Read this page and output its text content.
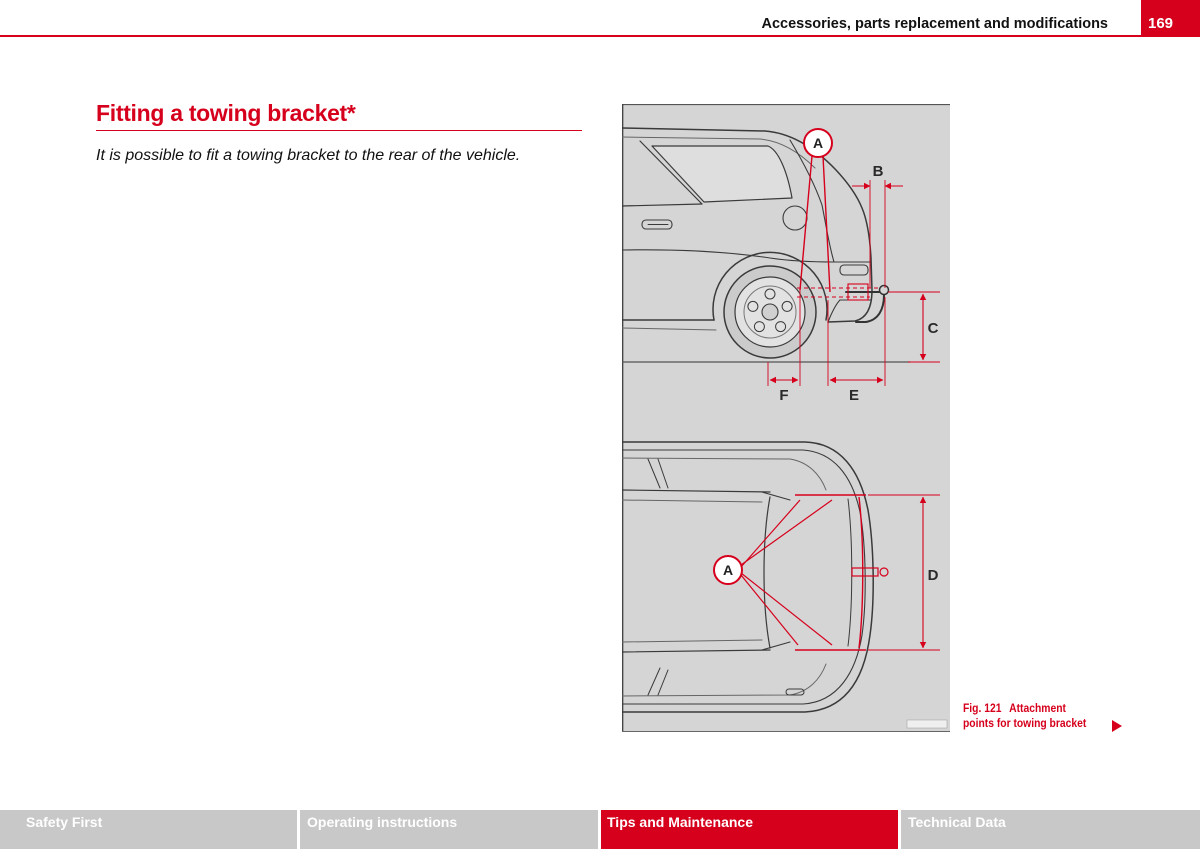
Accessories, parts replacement and modifications	169
Fitting a towing bracket*
It is possible to fit a towing bracket to the rear of the vehicle.
A
B
C
E
F
A	D
Fig. 121 Attachment
points for towing bracket
Safety First	Operating instructions	Tips and Maintenance	Technical Data
